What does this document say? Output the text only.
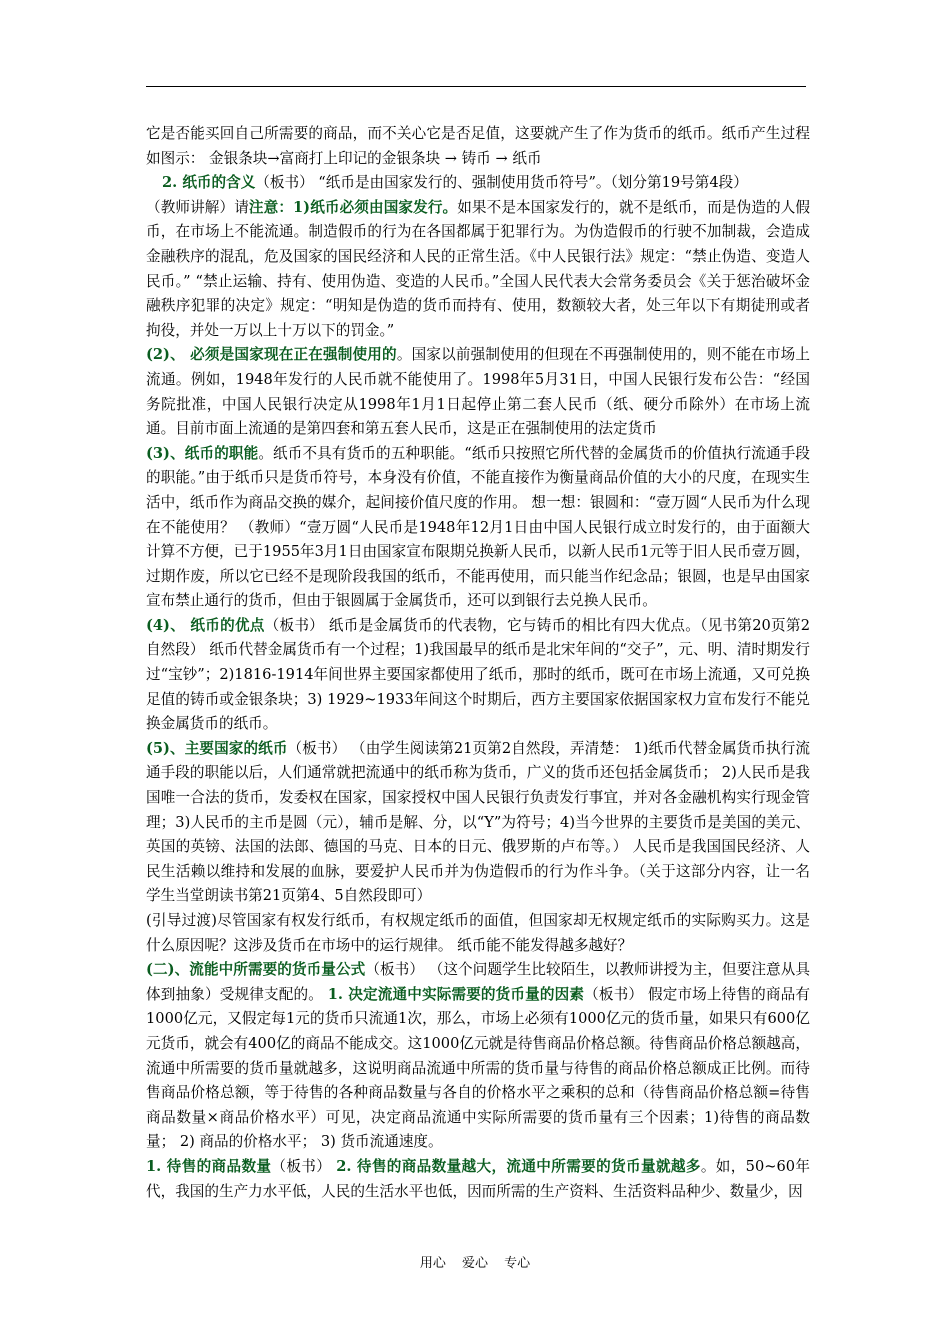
它是否能买回自己所需要的商品，而不关心它是否足值，这要就产生了作为货币的纸币。纸币产生过程如图示： 金银条块→富商打上印记的金银条块 → 铸币 → 纸币

2. 纸币的含义（板书） “纸币是由国家发行的、强制使用货币符号”。（划分第19号第4段）

（教师讲解）请注意：1)纸币必须由国家发行。如果不是本国家发行的，就不是纸币，而是伪造的人假币，在市场上不能流通。制造假币的行为在各国都属于犯罪行为。为伪造假币的行驶不加制裁，会造成金融秩序的混乱，危及国家的国民经济和人民的正常生活。《中人民银行法》规定：“禁止伪造、变造人民币。” “禁止运输、持有、使用伪造、变造的人民币。”全国人民代表大会常务委员会《关于惩治破坏金融秩序犯罪的决定》规定：“明知是伪造的货币而持有、使用，数额较大者，处三年以下有期徒刑或者拘役，并处一万以上十万以下的罚金。”

(2)、 必须是国家现在正在强制使用的。国家以前强制使用的但现在不再强制使用的，则不能在市场上流通。例如，1948年发行的人民币就不能使用了。1998年5月31日，中国人民银行发布公告：“经国务院批准，中国人民银行决定从1998年1月1日起停止第二套人民币（纸、硬分币除外）在市场上流通。目前市面上流通的是第四套和第五套人民币，这是正在强制使用的法定货币

(3)、纸币的职能。纸币不具有货币的五种职能。“纸币只按照它所代替的金属货币的价值执行流通手段的职能。”由于纸币只是货币符号，本身没有价值，不能直接作为衡量商品价值的大小的尺度，在现实生活中，纸币作为商品交换的媒介，起间接价值尺度的作用。 想一想：银圆和：“壹万圆“人民币为什么现在不能使用？ （教师）“壹万圆“人民币是1948年12月1日由中国人民银行成立时发行的，由于面额大计算不方便，已于1955年3月1日由国家宣布限期兑换新人民币，以新人民币1元等于旧人民币壹万圆，过期作废，所以它已经不是现阶段我国的纸币，不能再使用，而只能当作纪念品；银圆，也是早由国家宣布禁止通行的货币，但由于银圆属于金属货币，还可以到银行去兑换人民币。

(4)、 纸币的优点（板书） 纸币是金属货币的代表物，它与铸币的相比有四大优点。（见书第20页第2自然段） 纸币代替金属货币有一个过程；1)我国最早的纸币是北宋年间的“交子”，元、明、清时期发行过“宝钞”；2)1816-1914年间世界主要国家都使用了纸币，那时的纸币，既可在市场上流通，又可兑换足值的铸币或金银条块；3) 1929~1933年间这个时期后，西方主要国家依据国家权力宣布发行不能兑换金属货币的纸币。

(5)、主要国家的纸币（板书） （由学生阅读第21页第2自然段，弄清楚： 1)纸币代替金属货币执行流通手段的职能以后，人们通常就把流通中的纸币称为货币，广义的货币还包括金属货币； 2)人民币是我国唯一合法的货币，发委权在国家，国家授权中国人民银行负责发行事宜，并对各金融机构实行现金管理；3)人民币的主币是圆（元），辅币是解、分，以“Y”为符号；4)当今世界的主要货币是美国的美元、英国的英镑、法国的法郎、德国的马克、日本的日元、俄罗斯的卢布等。） 人民币是我国国民经济、人民生活赖以维持和发展的血脉，要爱护人民币并为伪造假币的行为作斗争。（关于这部分内容，让一名学生当堂朗读书第21页第4、5自然段即可）

(引导过渡)尽管国家有权发行纸币，有权规定纸币的面值，但国家却无权规定纸币的实际购买力。这是什么原因呢？这涉及货币在市场中的运行规律。 纸币能不能发得越多越好？

(二)、流能中所需要的货币量公式（板书） （这个问题学生比较陌生，以教师讲授为主，但要注意从具体到抽象）受规律支配的。 1. 决定流通中实际需要的货币量的因素（板书） 假定市场上待售的商品有1000亿元，又假定每1元的货币只流通1次，那么，市场上必须有1000亿元的货币量，如果只有600亿元货币，就会有400亿的商品不能成交。这1000亿元就是待售商品价格总额。待售商品价格总额越高，流通中所需要的货币量就越多，这说明商品流通中所需的货币量与待售的商品价格总额成正比例。而待售商品价格总额，等于待售的各种商品数量与各自的价格水平之乘积的总和（待售商品价格总额=待售商品数量×商品价格水平）可见，决定商品流通中实际所需要的货币量有三个因素；1)待售的商品数量； 2) 商品的价格水平； 3) 货币流通速度。

1. 待售的商品数量（板书） 2. 待售的商品数量越大，流通中所需要的货币量就越多。如，50~60年代，我国的生产力水平低，人民的生活水平也低，因而所需的生产资料、生活资料品种少、数量少，因

用心 爱心 专心
